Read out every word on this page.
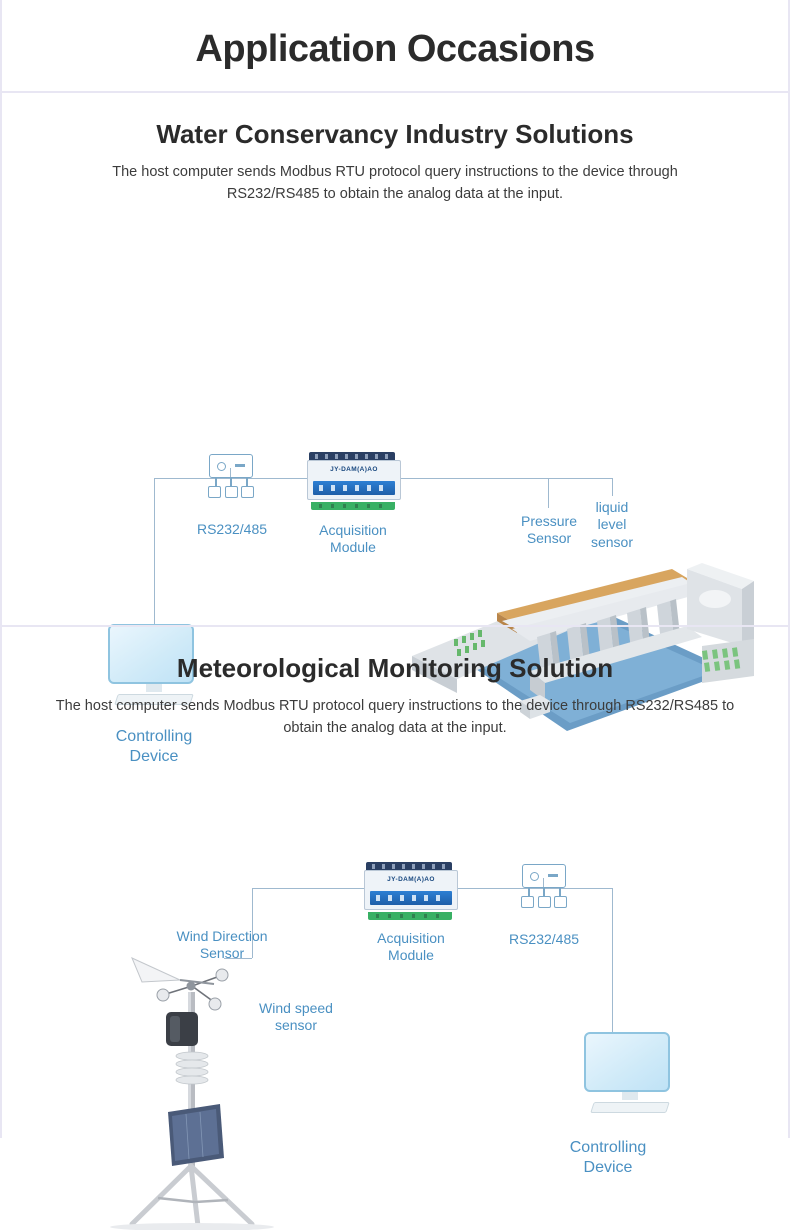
Application Occasions
Water Conservancy Industry Solutions
The host computer sends Modbus RTU protocol query instructions to the device through RS232/RS485 to obtain the analog data at the input.
RS232/485
JY-DAM(A)AO
Acquisition
Module
Pressure
Sensor
liquid
level
sensor
Controlling
Device
Meteorological Monitoring Solution
The host computer sends Modbus RTU protocol query instructions to the device through RS232/RS485 to obtain the analog data at the input.
JY-DAM(A)AO
Acquisition
Module
RS232/485
Wind Direction
Sensor
Wind speed
sensor
Controlling
Device
